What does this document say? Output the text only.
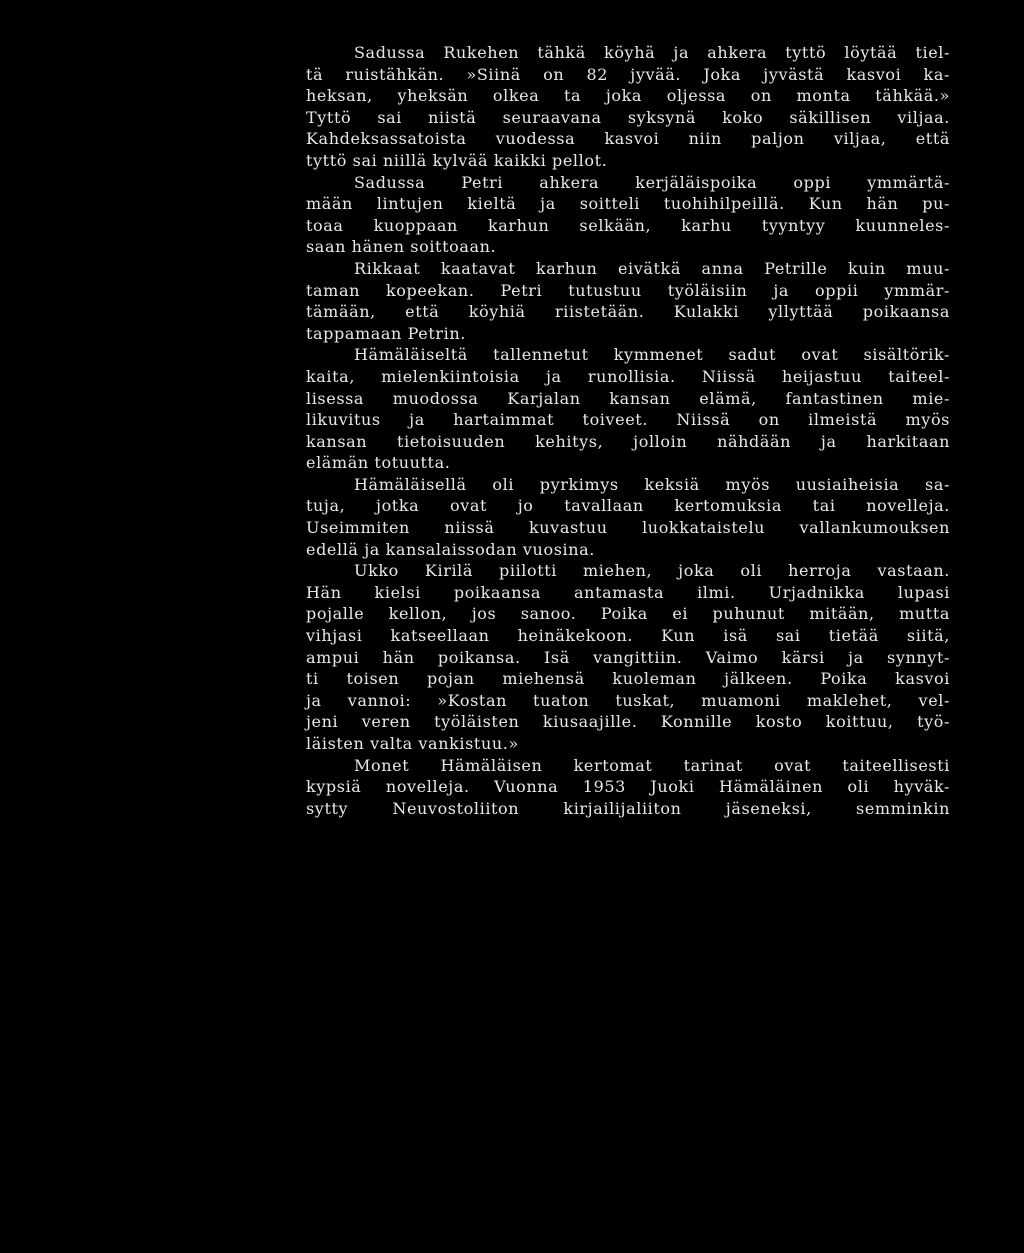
Sadussa Rukehen tähkä köyhä ja ahkera tyttö löytää tiel-
tä ruistähkän. »Siinä on 82 jyvää. Joka jyvästä kasvoi ka-
heksan, yheksän olkea ta joka oljessa on monta tähkää.»
Tyttö sai niistä seuraavana syksynä koko säkillisen viljaa.
Kahdeksassatoista vuodessa kasvoi niin paljon viljaa, että
tyttö sai niillä kylvää kaikki pellot.
Sadussa Petri ahkera kerjäläispoika oppi ymmärtä-
mään lintujen kieltä ja soitteli tuohihilpeillä. Kun hän pu-
toaa kuoppaan karhun selkään, karhu tyyntyy kuunneles-
saan hänen soittoaan.
Rikkaat kaatavat karhun eivätkä anna Petrille kuin muu-
taman kopeekan. Petri tutustuu työläisiin ja oppii ymmär-
tämään, että köyhiä riistetään. Kulakki yllyttää poikaansa
tappamaan Petrin.
Hämäläiseltä tallennetut kymmenet sadut ovat sisältörik-
kaita, mielenkiintoisia ja runollisia. Niissä heijastuu taiteel-
lisessa muodossa Karjalan kansan elämä, fantastinen mie-
likuvitus ja hartaimmat toiveet. Niissä on ilmeistä myös
kansan tietoisuuden kehitys, jolloin nähdään ja harkitaan
elämän totuutta.
Hämäläisellä oli pyrkimys keksiä myös uusiaiheisia sa-
tuja, jotka ovat jo tavallaan kertomuksia tai novelleja.
Useimmiten niissä kuvastuu luokkataistelu vallankumouksen
edellä ja kansalaissodan vuosina.
Ukko Kirilä piilotti miehen, joka oli herroja vastaan.
Hän kielsi poikaansa antamasta ilmi. Urjadnikka lupasi
pojalle kellon, jos sanoo. Poika ei puhunut mitään, mutta
vihjasi katseellaan heinäkekoon. Kun isä sai tietää siitä,
ampui hän poikansa. Isä vangittiin. Vaimo kärsi ja synnyt-
ti toisen pojan miehensä kuoleman jälkeen. Poika kasvoi
ja vannoi: »Kostan tuaton tuskat, muamoni maklehet, vel-
jeni veren työläisten kiusaajille. Konnille kosto koittuu, työ-
läisten valta vankistuu.»
Monet Hämäläisen kertomat tarinat ovat taiteellisesti
kypsiä novelleja. Vuonna 1953 Juoki Hämäläinen oli hyväk-
sytty Neuvostoliiton kirjailijaliiton jäseneksi, semminkin
